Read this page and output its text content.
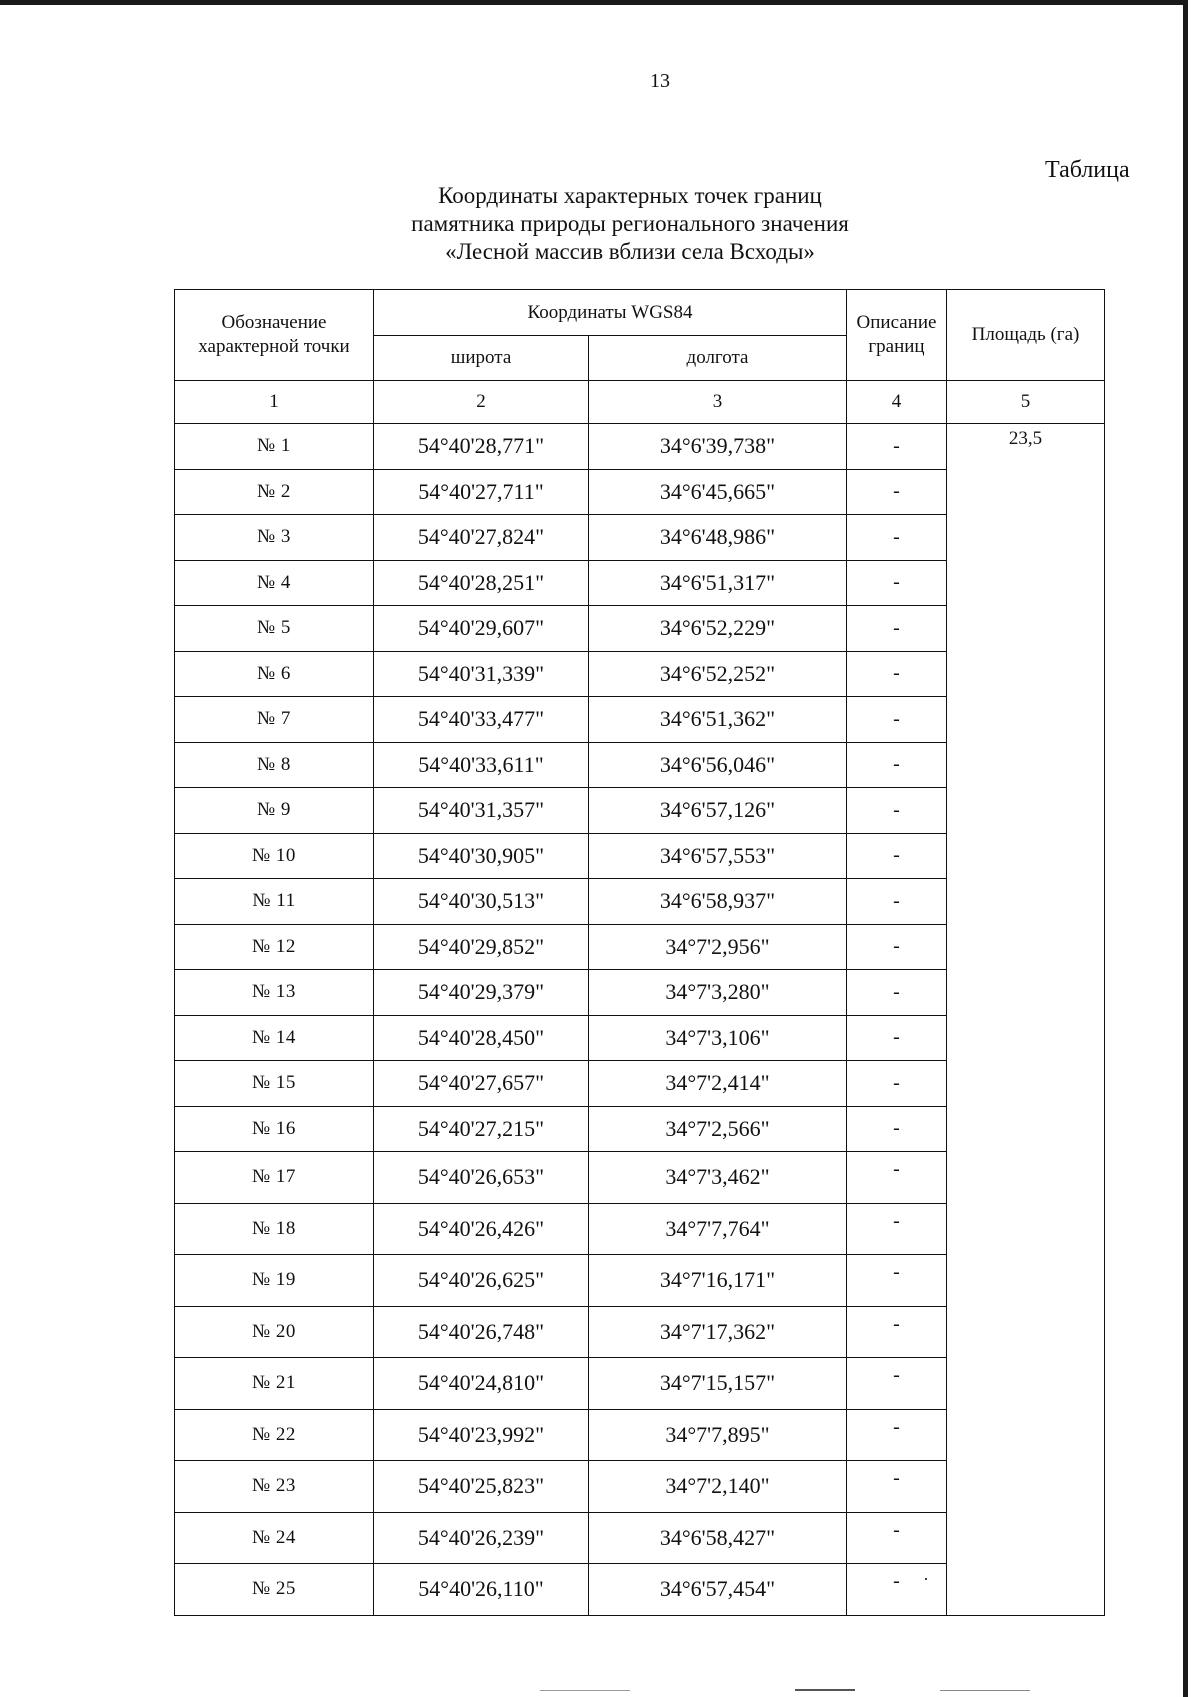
13
Таблица
Координаты характерных точек границ
памятника природы регионального значения
«Лесной массив вблизи села Всходы»
Обозначение характерной точки	Координаты WGS84		Описание границ	Площадь (га)
	широта	долгота		
1	2	3	4	5
№ 1	54°40'28,771"	34°6'39,738"	-	23,5
№ 2	54°40'27,711"	34°6'45,665"	-	
№ 3	54°40'27,824"	34°6'48,986"	-	
№ 4	54°40'28,251"	34°6'51,317"	-	
№ 5	54°40'29,607"	34°6'52,229"	-	
№ 6	54°40'31,339"	34°6'52,252"	-	
№ 7	54°40'33,477"	34°6'51,362"	-	
№ 8	54°40'33,611"	34°6'56,046"	-	
№ 9	54°40'31,357"	34°6'57,126"	-	
№ 10	54°40'30,905"	34°6'57,553"	-	
№ 11	54°40'30,513"	34°6'58,937"	-	
№ 12	54°40'29,852"	34°7'2,956"	-	
№ 13	54°40'29,379"	34°7'3,280"	-	
№ 14	54°40'28,450"	34°7'3,106"	-	
№ 15	54°40'27,657"	34°7'2,414"	-	
№ 16	54°40'27,215"	34°7'2,566"	-	
№ 17	54°40'26,653"	34°7'3,462"	-	
№ 18	54°40'26,426"	34°7'7,764"	-	
№ 19	54°40'26,625"	34°7'16,171"	-	
№ 20	54°40'26,748"	34°7'17,362"	-	
№ 21	54°40'24,810"	34°7'15,157"	-	
№ 22	54°40'23,992"	34°7'7,895"	-	
№ 23	54°40'25,823"	34°7'2,140"	-	
№ 24	54°40'26,239"	34°6'58,427"	-	
№ 25	54°40'26,110"	34°6'57,454"	-	
